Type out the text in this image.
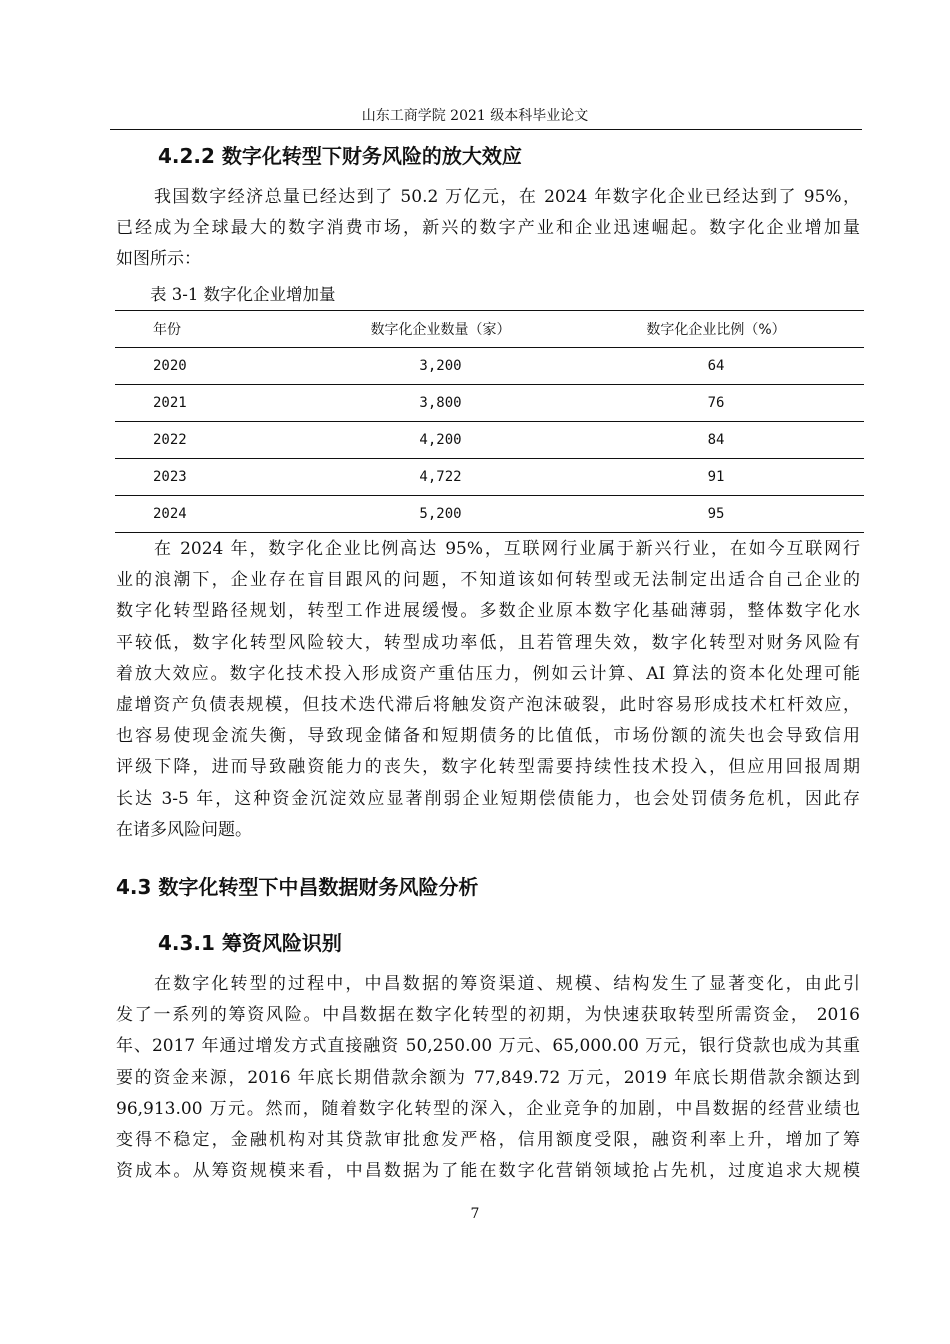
山东工商学院 2021 级本科毕业论文
4.2.2 数字化转型下财务风险的放大效应
我国数字经济总量已经达到了 50.2 万亿元，在 2024 年数字化企业已经达到了 95%，
已经成为全球最大的数字消费市场，新兴的数字产业和企业迅速崛起。数字化企业增加量
如图所示：
表 3-1 数字化企业增加量
年份	数字化企业数量（家）	数字化企业比例（%）
2020	3,200	64
2021	3,800	76
2022	4,200	84
2023	4,722	91
2024	5,200	95
在 2024 年，数字化企业比例高达 95%，互联网行业属于新兴行业，在如今互联网行
业的浪潮下，企业存在盲目跟风的问题，不知道该如何转型或无法制定出适合自己企业的
数字化转型路径规划，转型工作进展缓慢。多数企业原本数字化基础薄弱，整体数字化水
平较低，数字化转型风险较大，转型成功率低，且若管理失效，数字化转型对财务风险有
着放大效应。数字化技术投入形成资产重估压力，例如云计算、AI 算法的资本化处理可能
虚增资产负债表规模，但技术迭代滞后将触发资产泡沫破裂，此时容易形成技术杠杆效应，
也容易使现金流失衡，导致现金储备和短期债务的比值低，市场份额的流失也会导致信用
评级下降，进而导致融资能力的丧失，数字化转型需要持续性技术投入，但应用回报周期
长达 3-5 年，这种资金沉淀效应显著削弱企业短期偿债能力，也会处罚债务危机，因此存
在诸多风险问题。
4.3 数字化转型下中昌数据财务风险分析
4.3.1 筹资风险识别
在数字化转型的过程中，中昌数据的筹资渠道、规模、结构发生了显著变化，由此引
发了一系列的筹资风险。中昌数据在数字化转型的初期，为快速获取转型所需资金， 2016
年、2017 年通过增发方式直接融资 50,250.00 万元、65,000.00 万元，银行贷款也成为其重
要的资金来源，2016 年底长期借款余额为 77,849.72 万元，2019 年底长期借款余额达到
96,913.00 万元。然而，随着数字化转型的深入，企业竞争的加剧，中昌数据的经营业绩也
变得不稳定，金融机构对其贷款审批愈发严格，信用额度受限，融资利率上升，增加了筹
资成本。从筹资规模来看，中昌数据为了能在数字化营销领域抢占先机，过度追求大规模
7
